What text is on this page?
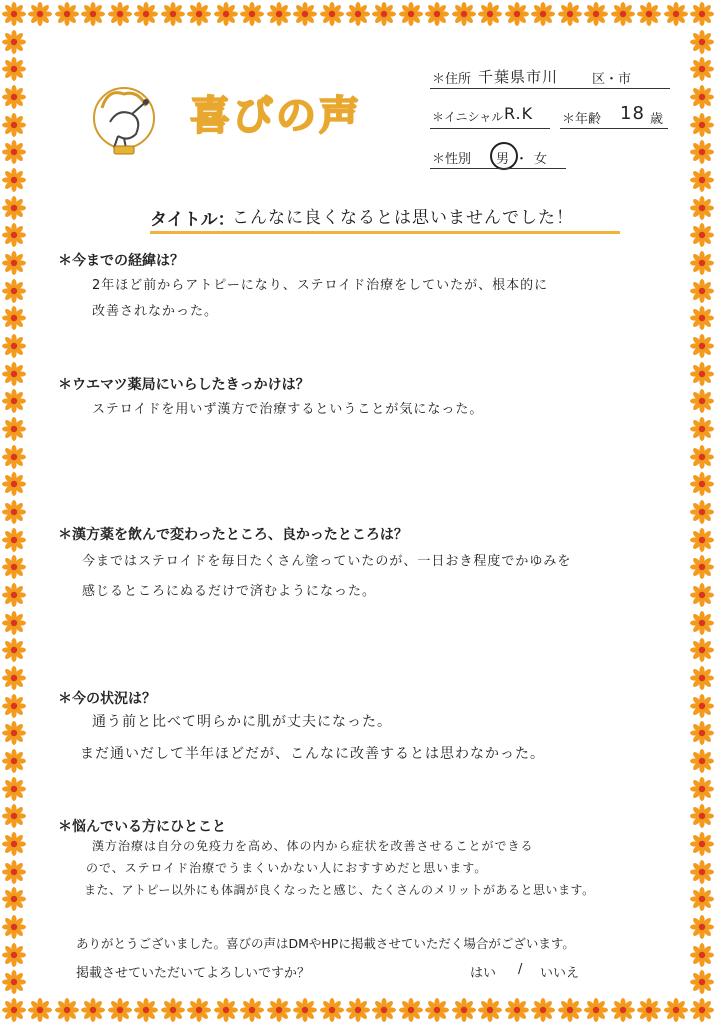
喜びの声
＊住所 千葉県市川	区・市
＊イニシャル R.K ＊年齢 18 歳
＊性別 男・女
タイトル：
こんなに良くなるとは思いませんでした！
＊今までの経緯は？
2年ほど前からアトピーになり、ステロイド治療をしていたが、根本的に
改善されなかった。
＊ウエマツ薬局にいらしたきっかけは？
ステロイドを用いず漢方で治療するということが気になった。
＊漢方薬を飲んで変わったところ、良かったところは？
今まではステロイドを毎日たくさん塗っていたのが、一日おき程度でかゆみを
感じるところにぬるだけで済むようになった。
＊今の状況は？
通う前と比べて明らかに肌が丈夫になった。
まだ通いだして半年ほどだが、こんなに改善するとは思わなかった。
＊悩んでいる方にひとこと
漢方治療は自分の免疫力を高め、体の内から症状を改善させることができる
ので、ステロイド治療でうまくいかない人におすすめだと思います。
また、アトピー以外にも体調が良くなったと感じ、たくさんのメリットがあると思います。
ありがとうございました。喜びの声はDMやHPに掲載させていただく場合がございます。
掲載させていただいてよろしいですか？	はい / いいえ
